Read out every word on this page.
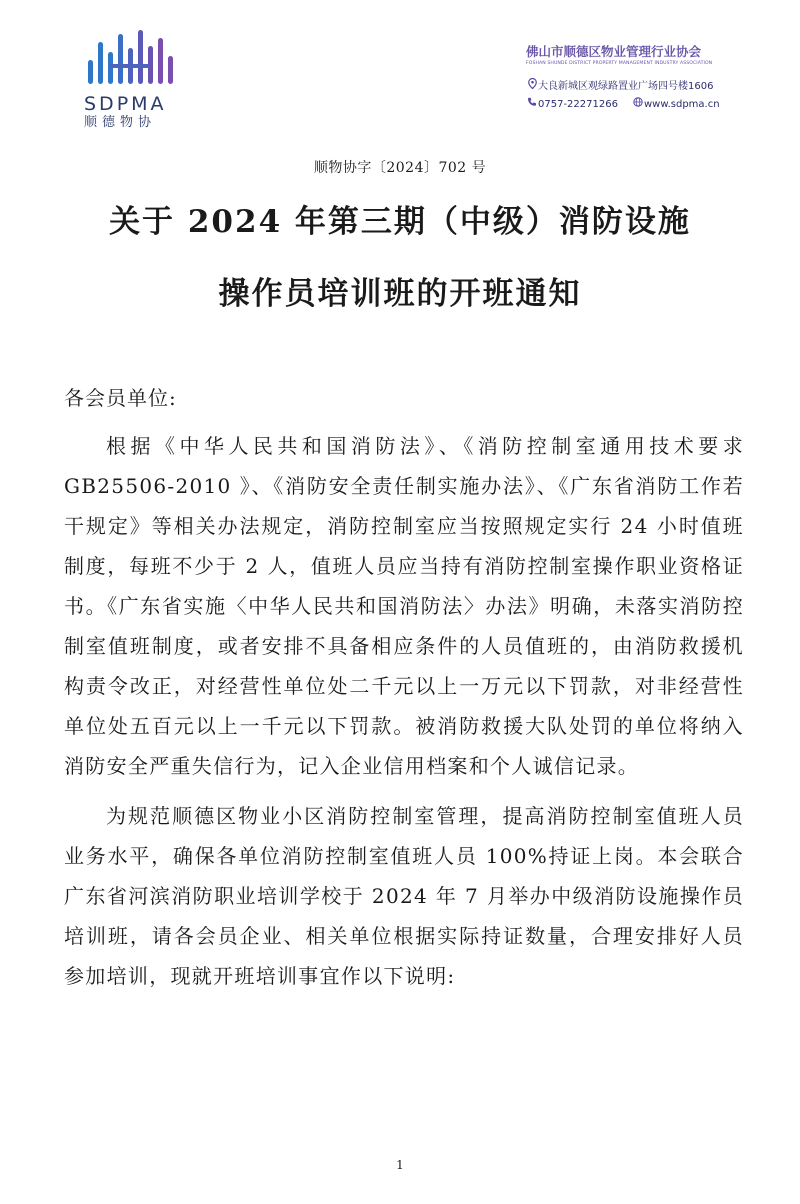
SDPMA
顺德物协
佛山市顺德区物业管理行业协会
FOSHAN SHUNDE DISTRICT PROPERTY MANAGEMENT INDUSTRY ASSOCIATION
大良新城区观绿路置业广场四号楼1606
0757-22271266	www.sdpma.cn
顺物协字〔2024〕702 号
关于 2024 年第三期（中级）消防设施
操作员培训班的开班通知
各会员单位:

根据《中华人民共和国消防法》、《消防控制室通用技术要求 GB25506-2010 》、《消防安全责任制实施办法》、《广东省消防工作若干规定》等相关办法规定，消防控制室应当按照规定实行 24 小时值班制度，每班不少于 2 人，值班人员应当持有消防控制室操作职业资格证书。《广东省实施〈中华人民共和国消防法〉办法》明确，未落实消防控制室值班制度，或者安排不具备相应条件的人员值班的，由消防救援机构责令改正，对经营性单位处二千元以上一万元以下罚款，对非经营性单位处五百元以上一千元以下罚款。被消防救援大队处罚的单位将纳入消防安全严重失信行为，记入企业信用档案和个人诚信记录。

为规范顺德区物业小区消防控制室管理，提高消防控制室值班人员业务水平，确保各单位消防控制室值班人员 100%持证上岗。本会联合广东省河滨消防职业培训学校于 2024 年 7 月举办中级消防设施操作员培训班，请各会员企业、相关单位根据实际持证数量，合理安排好人员参加培训，现就开班培训事宜作以下说明:

1
